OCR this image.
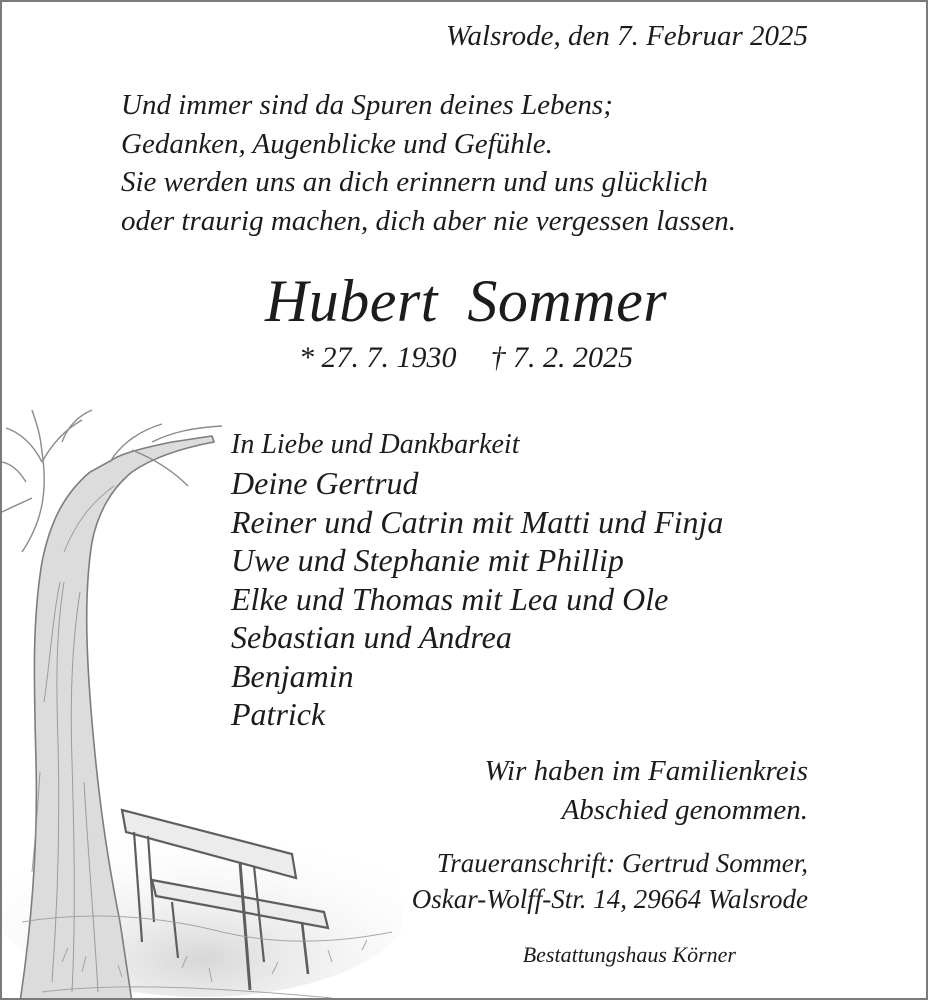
Walsrode, den 7. Februar 2025
Und immer sind da Spuren deines Lebens;
Gedanken, Augenblicke und Gefühle.
Sie werden uns an dich erinnern und uns glücklich
oder traurig machen, dich aber nie vergessen lassen.
Hubert Sommer
* 27. 7. 1930 † 7. 2. 2025
In Liebe und Dankbarkeit
Deine Gertrud
Reiner und Catrin mit Matti und Finja
Uwe und Stephanie mit Phillip
Elke und Thomas mit Lea und Ole
Sebastian und Andrea
Benjamin
Patrick
Wir haben im Familienkreis
Abschied genommen.
Traueranschrift: Gertrud Sommer,
Oskar-Wolff-Str. 14, 29664 Walsrode
Bestattungshaus Körner
